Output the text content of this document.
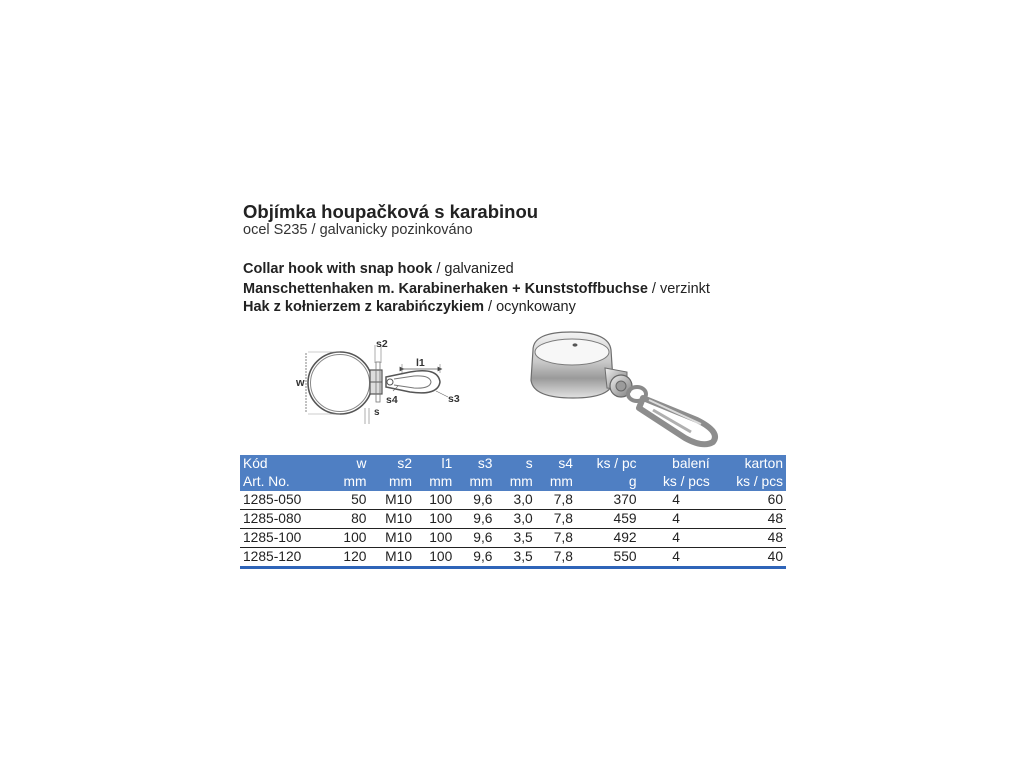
Objímka houpačková s karabinou
ocel S235 / galvanicky pozinkováno
Collar hook with snap hook / galvanized
Manschettenhaken m. Karabinerhaken + Kunststoffbuchse / verzinkt
Hak z kołnierzem z karabińczykiem / ocynkowany
w
s2
l1
s4	s3
s
Kód	w	s2	l1	s3	s	s4	ks / pc	balení	karton
Art. No.	mm	mm	mm	mm	mm	mm	g	ks / pcs	ks / pcs
1285-050	50	M10	100	9,6	3,0	7,8	370	4	60
1285-080	80	M10	100	9,6	3,0	7,8	459	4	48
1285-100	100	M10	100	9,6	3,5	7,8	492	4	48
1285-120	120	M10	100	9,6	3,5	7,8	550	4	40
